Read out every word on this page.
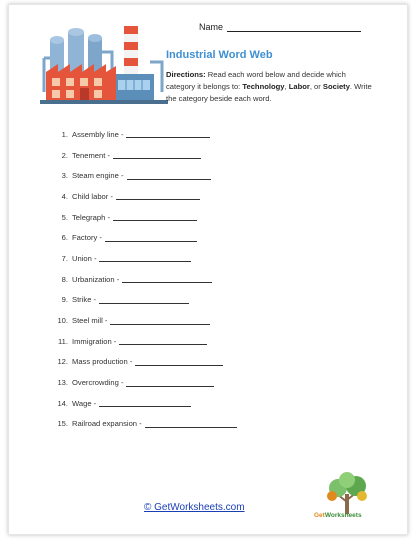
Name
Industrial Word Web
Directions: Read each word below and decide which category it belongs to: Technology, Labor, or Society. Write the category beside each word.
1. Assembly line -
2. Tenement -
3. Steam engine -
4. Child labor -
5. Telegraph -
6. Factory -
7. Union -
8. Urbanization -
9. Strike -
10. Steel mill -
11. Immigration -
12. Mass production -
13. Overcrowding -
14. Wage -
15. Railroad expansion -
© GetWorksheets.com
GetWorksheets
